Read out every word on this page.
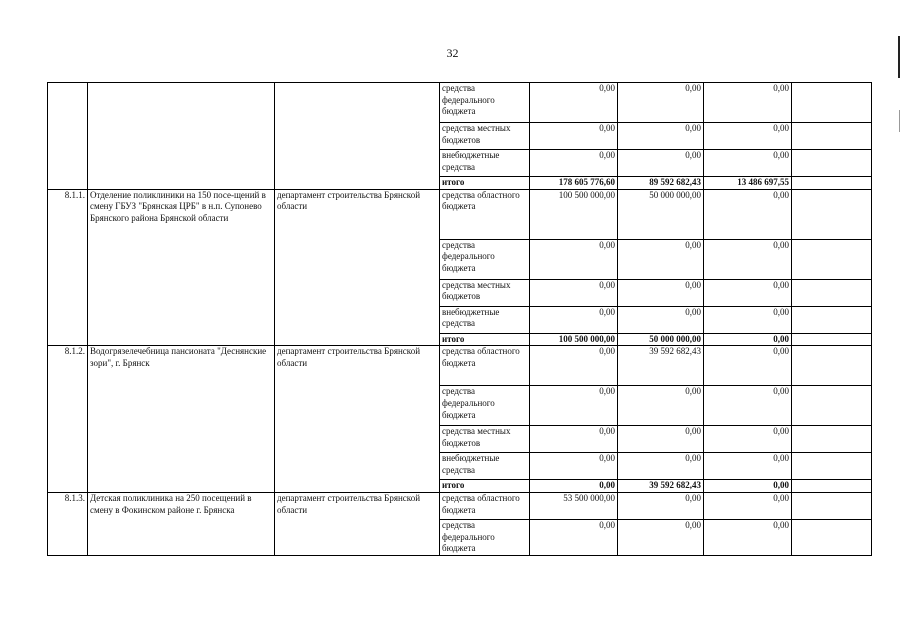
32
			средства федерального бюджета	0,00	0,00	0,00	
			средства местных бюджетов	0,00	0,00	0,00	
			внебюджетные средства	0,00	0,00	0,00	
			итого	178 605 776,60	89 592 682,43	13 486 697,55	
8.1.1.	Отделение поликлиники на 150 посе-щений в смену ГБУЗ "Брянская ЦРБ" в н.п. Супонево Брянского района Брянской области	департамент строительства Брянской области	средства областного бюджета	100 500 000,00	50 000 000,00	0,00	
			средства федерального бюджета	0,00	0,00	0,00	
			средства местных бюджетов	0,00	0,00	0,00	
			внебюджетные средства	0,00	0,00	0,00	
			итого	100 500 000,00	50 000 000,00	0,00	
8.1.2.	Водогрязелечебница пансионата "Деснянские зори", г. Брянск	департамент строительства Брянской области	средства областного бюджета	0,00	39 592 682,43	0,00	
			средства федерального бюджета	0,00	0,00	0,00	
			средства местных бюджетов	0,00	0,00	0,00	
			внебюджетные средства	0,00	0,00	0,00	
			итого	0,00	39 592 682,43	0,00	
8.1.3.	Детская поликлиника на 250 посещений в смену в Фокинском районе г. Брянска	департамент строительства Брянской области	средства областного бюджета	53 500 000,00	0,00	0,00	
			средства федерального бюджета	0,00	0,00	0,00	
